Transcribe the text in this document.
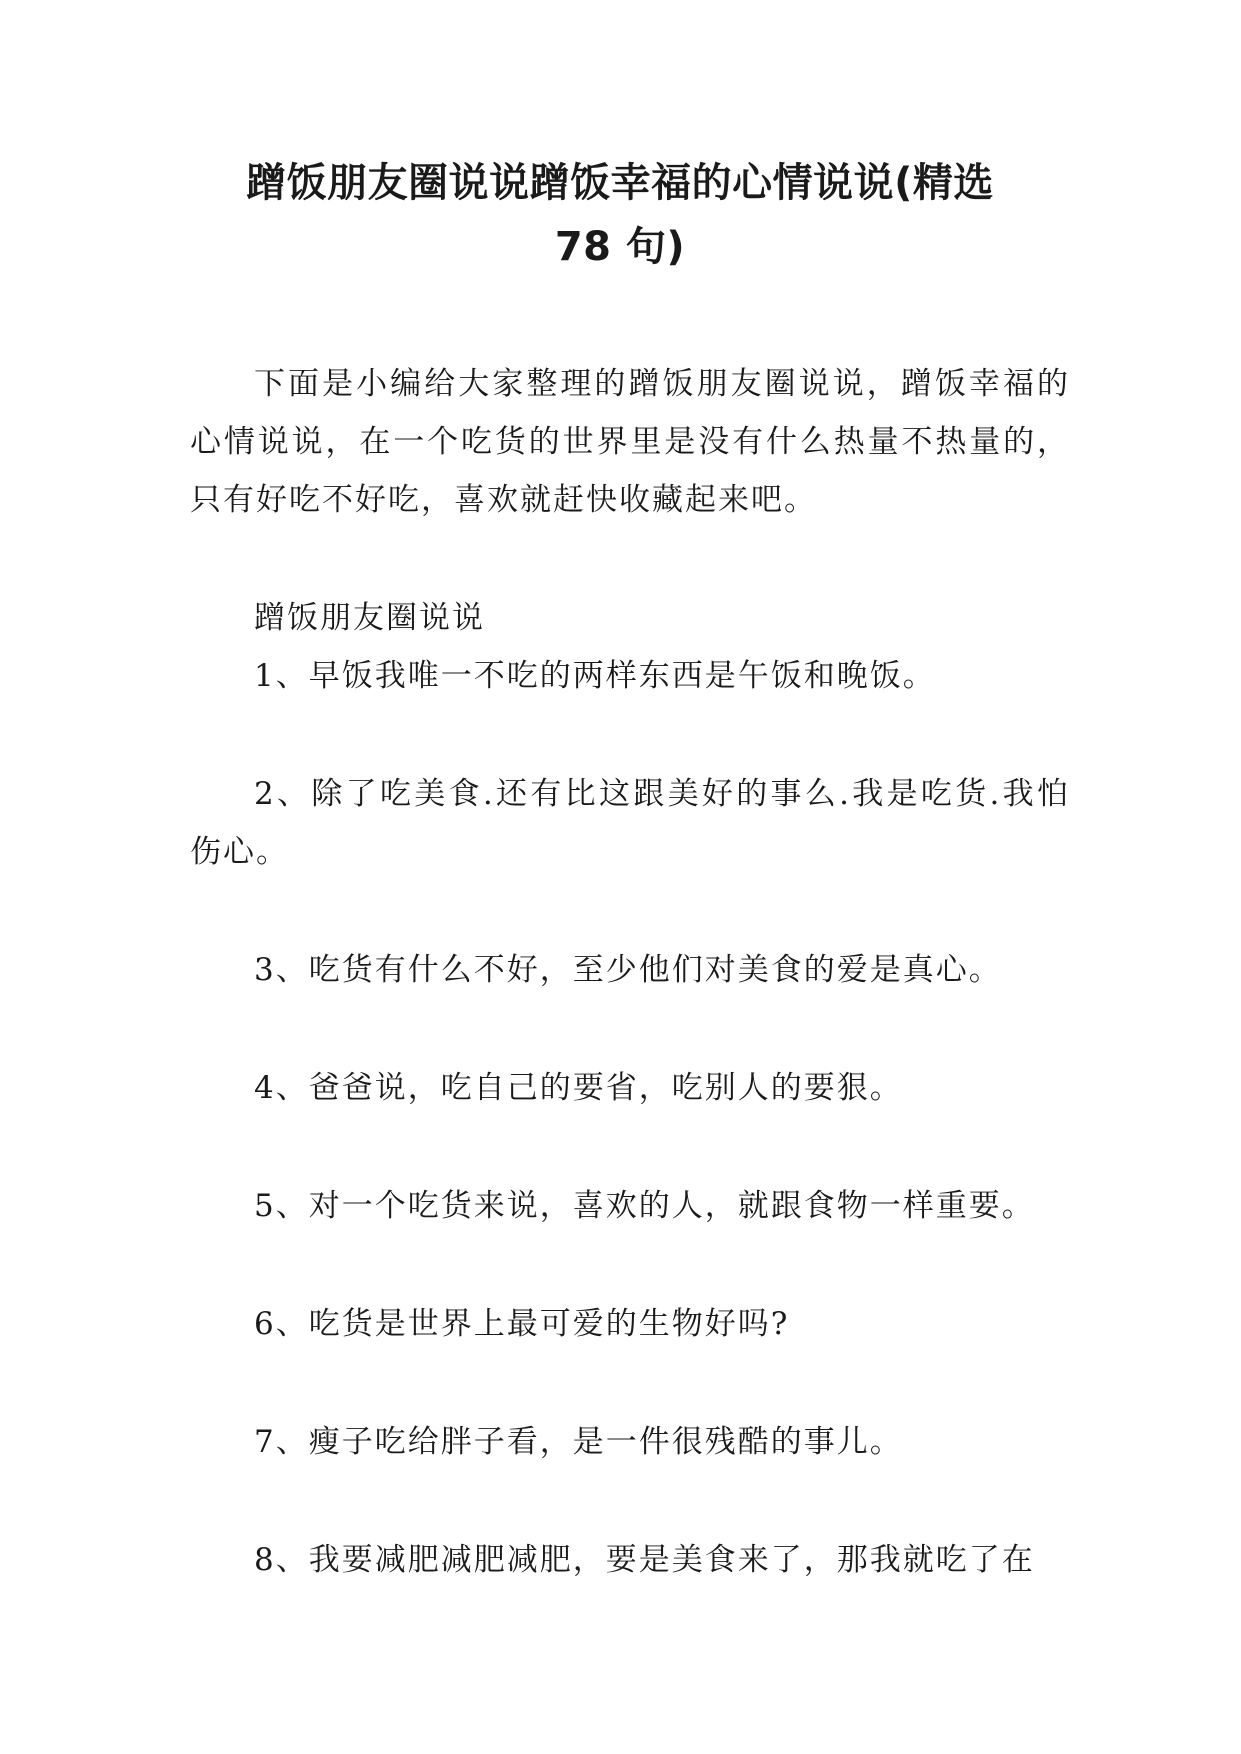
蹭饭朋友圈说说蹭饭幸福的心情说说(精选
78 句)

下面是小编给大家整理的蹭饭朋友圈说说，蹭饭幸福的心情说说，在一个吃货的世界里是没有什么热量不热量的，只有好吃不好吃，喜欢就赶快收藏起来吧。

蹭饭朋友圈说说

1、早饭我唯一不吃的两样东西是午饭和晚饭。

2、除了吃美食.还有比这跟美好的事么.我是吃货.我怕伤心。

3、吃货有什么不好，至少他们对美食的爱是真心。

4、爸爸说，吃自己的要省，吃别人的要狠。

5、对一个吃货来说，喜欢的人，就跟食物一样重要。

6、吃货是世界上最可爱的生物好吗?

7、瘦子吃给胖子看，是一件很残酷的事儿。

8、我要减肥减肥减肥，要是美食来了，那我就吃了在
